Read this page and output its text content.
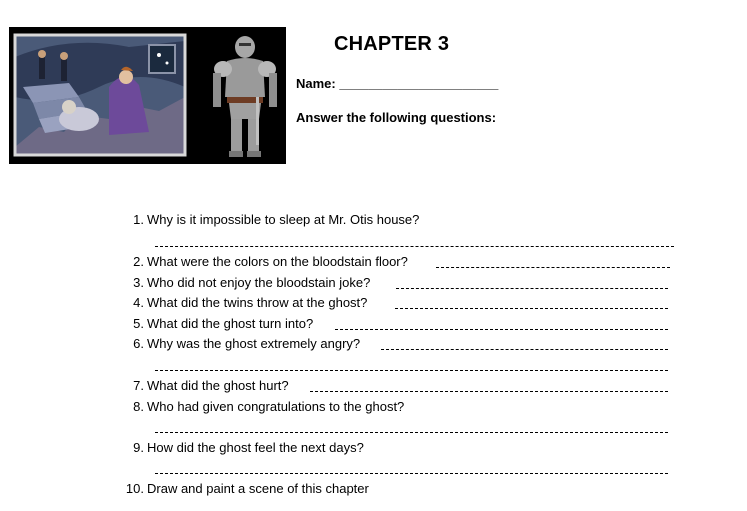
CHAPTER 3
Name: ______________________
Answer the following questions:
1. Why is it impossible to sleep at Mr. Otis house?
2. What were the colors on the bloodstain floor?
3. Who did not enjoy the bloodstain joke?
4. What did the twins throw at the ghost?
5. What did the ghost turn into?
6. Why was the ghost extremely angry?
7. What did the ghost hurt?
8. Who had given congratulations to the ghost?
9. How did the ghost feel the next days?
10. Draw and paint a scene of this chapter
